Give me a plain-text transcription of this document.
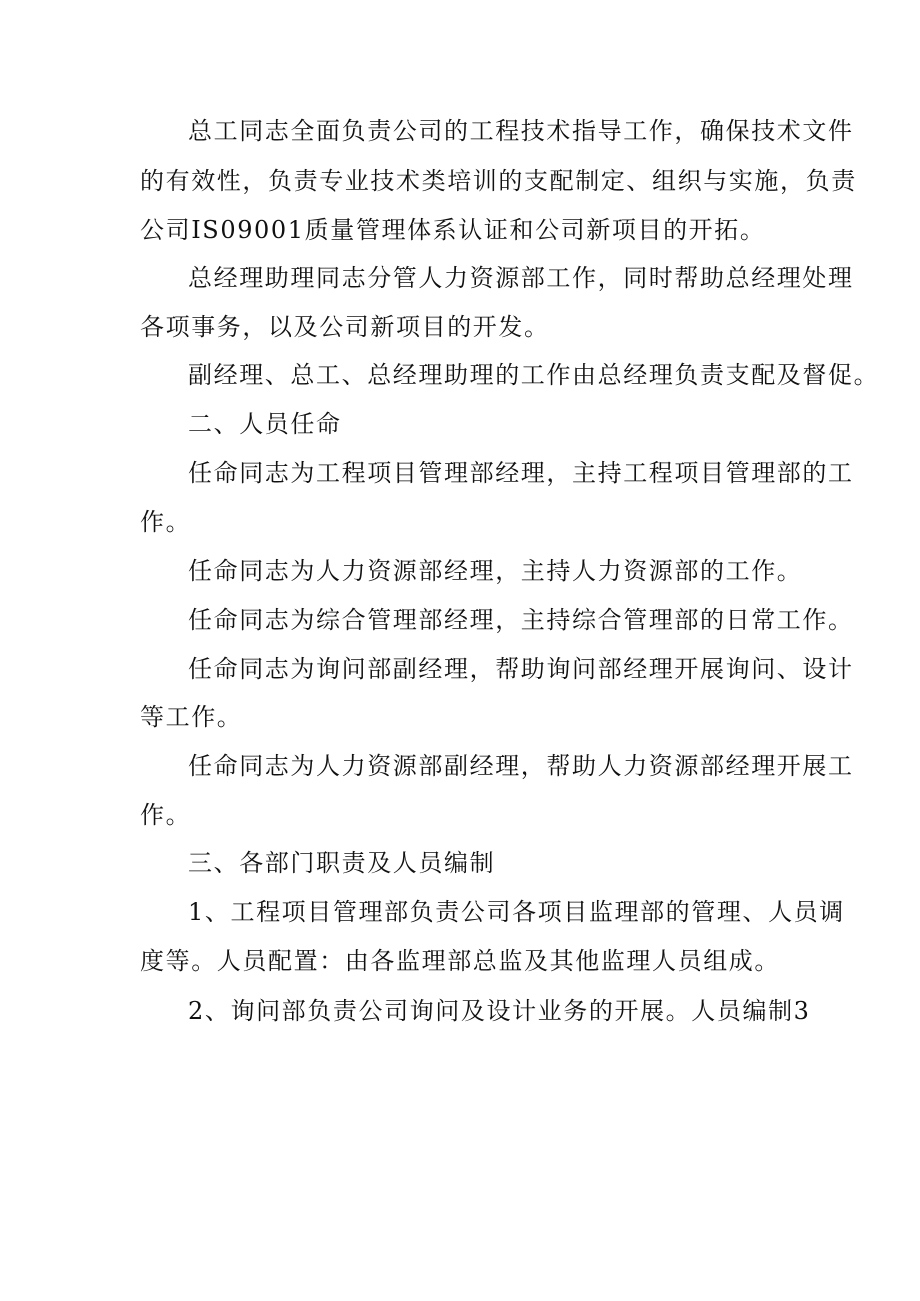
总工同志全面负责公司的工程技术指导工作，确保技术文件
的有效性，负责专业技术类培训的支配制定、组织与实施，负责
公司IS09001质量管理体系认证和公司新项目的开拓。
总经理助理同志分管人力资源部工作，同时帮助总经理处理
各项事务，以及公司新项目的开发。
副经理、总工、总经理助理的工作由总经理负责支配及督促。
二、人员任命
任命同志为工程项目管理部经理，主持工程项目管理部的工
作。
任命同志为人力资源部经理，主持人力资源部的工作。
任命同志为综合管理部经理，主持综合管理部的日常工作。
任命同志为询问部副经理，帮助询问部经理开展询问、设计
等工作。
任命同志为人力资源部副经理，帮助人力资源部经理开展工
作。
三、各部门职责及人员编制
1、工程项目管理部负责公司各项目监理部的管理、人员调
度等。人员配置：由各监理部总监及其他监理人员组成。
2、询问部负责公司询问及设计业务的开展。人员编制3
